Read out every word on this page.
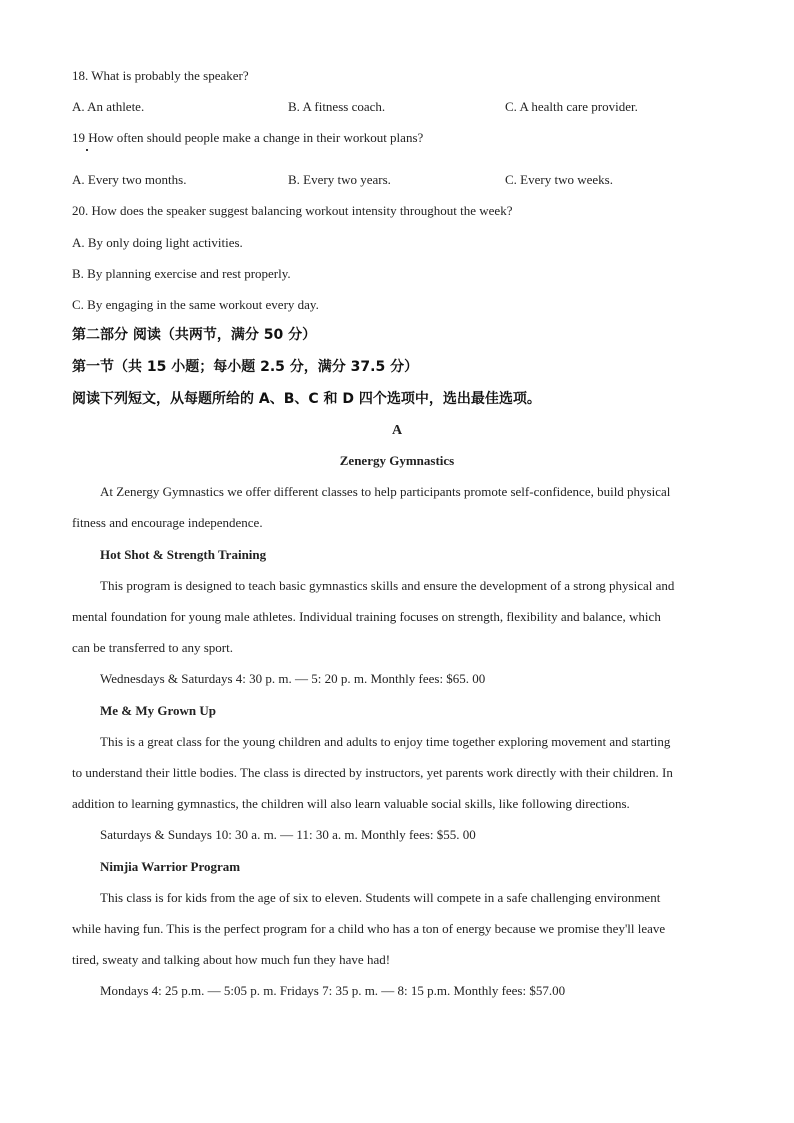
18. What is probably the speaker?
A. An athlete.	B. A fitness coach.	C. A health care provider.
19 How often should people make a change in their workout plans?
A. Every two months.	B. Every two years.	C. Every two weeks.
20. How does the speaker suggest balancing workout intensity throughout the week?
A. By only doing light activities.
B. By planning exercise and rest properly.
C. By engaging in the same workout every day.
第二部分 阅读（共两节，满分 50 分）
第一节（共 15 小题；每小题 2.5 分，满分 37.5 分）
阅读下列短文，从每题所给的 A、B、C 和 D 四个选项中，选出最佳选项。
A
Zenergy Gymnastics
At Zenergy Gymnastics we offer different classes to help participants promote self-confidence, build physical
fitness and encourage independence.
Hot Shot & Strength Training
This program is designed to teach basic gymnastics skills and ensure the development of a strong physical and
mental foundation for young male athletes. Individual training focuses on strength, flexibility and balance, which
can be transferred to any sport.
Wednesdays & Saturdays 4: 30 p. m. — 5: 20 p. m. Monthly fees: $65. 00
Me & My Grown Up
This is a great class for the young children and adults to enjoy time together exploring movement and starting
to understand their little bodies. The class is directed by instructors, yet parents work directly with their children. In
addition to learning gymnastics, the children will also learn valuable social skills, like following directions.
Saturdays & Sundays 10: 30 a. m. — 11: 30 a. m. Monthly fees: $55. 00
Nimjia Warrior Program
This class is for kids from the age of six to eleven. Students will compete in a safe challenging environment
while having fun. This is the perfect program for a child who has a ton of energy because we promise they'll leave
tired, sweaty and talking about how much fun they have had!
Mondays 4: 25 p.m. — 5:05 p. m. Fridays 7: 35 p. m. — 8: 15 p.m. Monthly fees: $57.00
